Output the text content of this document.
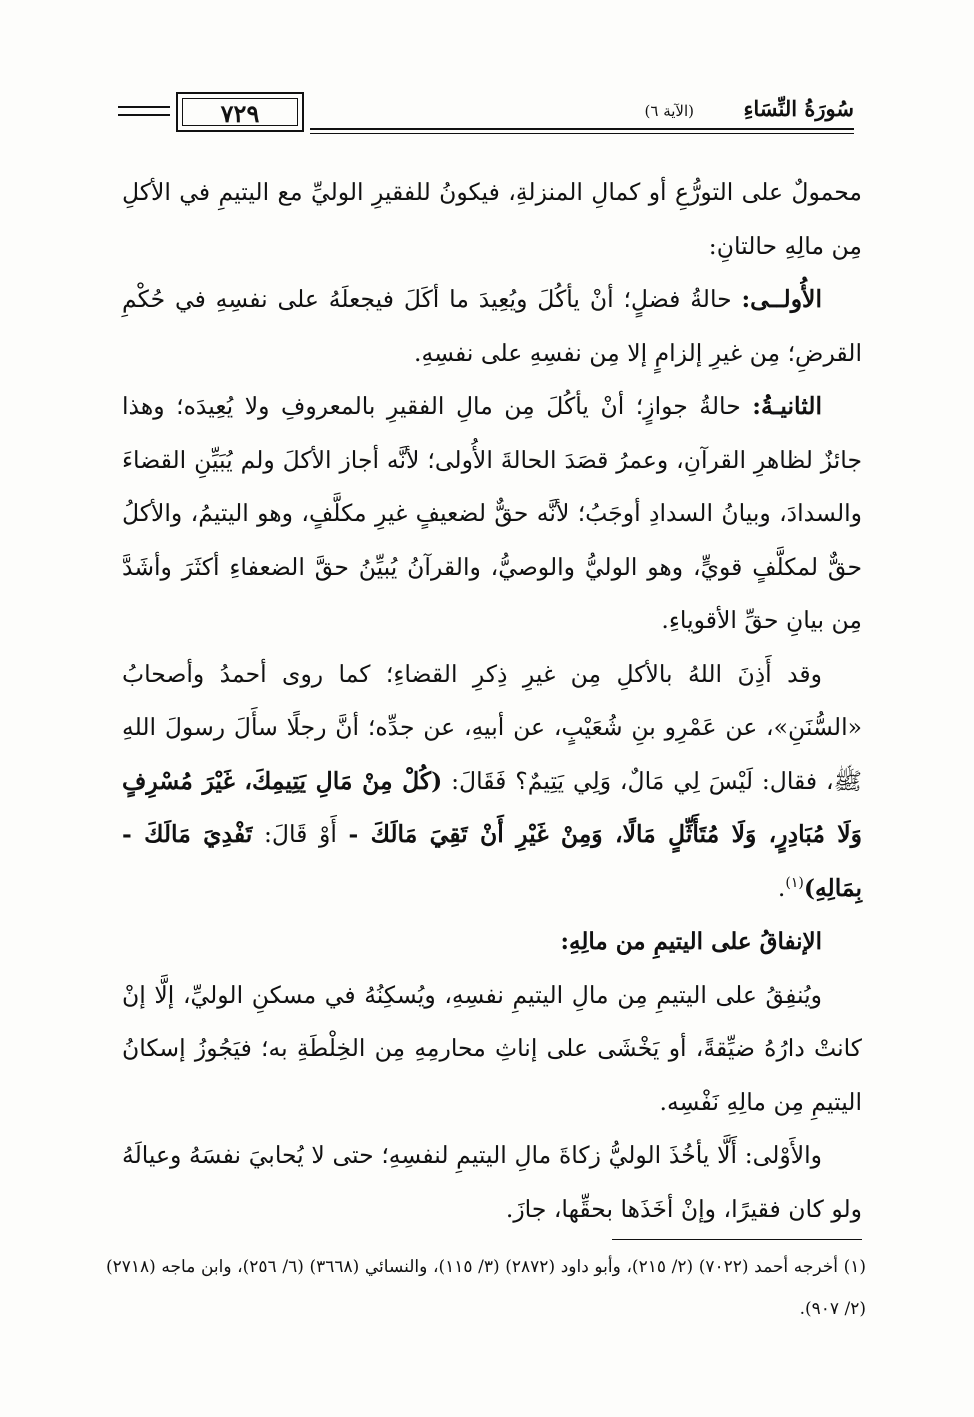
٧٢٩	سُورَةُ النِّسَاءِ
(الآية ٦)

محمولٌ على التورُّعِ أو كمالِ المنزلةِ، فيكونُ للفقيرِ الوليِّ مع اليتيمِ في الأكلِ مِن مالِهِ حالتانِ:

الأُولــى: حالةُ فضلٍ؛ أنْ يأكُلَ ويُعِيدَ ما أكَلَ فيجعلَهُ على نفسِهِ في حُكْمِ القرضِ؛ مِن غيرِ إلزامٍ إلا مِن نفسِهِ على نفسِهِ.

الثانيـةُ: حالةُ جوازٍ؛ أنْ يأكُلَ مِن مالِ الفقيرِ بالمعروفِ ولا يُعِيدَه؛ وهذا جائزٌ لظاهرِ القرآنِ، وعمرُ قصَدَ الحالةَ الأُولى؛ لأنَّه أجاز الأكلَ ولم يُبَيِّنِ القضاءَ والسدادَ، وبيانُ السدادِ أوجَبُ؛ لأنَّه حقٌّ لضعيفٍ غيرِ مكلَّفٍ، وهو اليتيمُ، والأكلُ حقٌّ لمكلَّفٍ قويٍّ، وهو الوليُّ والوصيُّ، والقرآنُ يُبيِّنُ حقَّ الضعفاءِ أكثَرَ وأشَدَّ مِن بيانِ حقِّ الأقوياءِ.

وقد أَذِنَ اللهُ بالأكلِ مِن غيرِ ذِكرِ القضاءِ؛ كما روى أحمدُ وأصحابُ «السُّنَنِ»، عن عَمْرِو بنِ شُعَيْبٍ، عن أبيهِ، عن جدِّه؛ أنَّ رجلًا سأَلَ رسولَ اللهِ ﷺ، فقال: لَيْسَ لِي مَالٌ، وَلِي يَتِيمٌ؟ فَقَالَ: (كُلْ مِنْ مَالِ يَتِيمِكَ، غَيْرَ مُسْرِفٍ وَلَا مُبَادِرٍ، وَلَا مُتَأَثِّلٍ مَالًا، وَمِنْ غَيْرِ أَنْ تَقِيَ مَالَكَ - أَوْ قَالَ: تَفْدِيَ مَالَكَ - بِمَالِهِ)$^{(١)}$.

الإنفاقُ على اليتيمِ من مالِهِ:

ويُنفِقُ على اليتيمِ مِن مالِ اليتيمِ نفسِهِ، ويُسكِنُهُ في مسكنِ الوليِّ، إلَّا إنْ كانتْ دارُهُ ضيِّقةً، أو يَخْشَى على إناثِ محارمِهِ مِن الخِلْطَةِ به؛ فيَجُوزُ إسكانُ اليتيمِ مِن مالِهِ نَفْسِه.

والأَوْلى: أَلَّا يأخُذَ الوليُّ زكاةَ مالِ اليتيمِ لنفسِهِ؛ حتى لا يُحابيَ نفسَهُ وعيالَهُ ولو كان فقيرًا، وإنْ أخَذَها بحقِّها، جازَ.

(١) أخرجه أحمد (٧٠٢٢) (٢/ ٢١٥)، وأبو داود (٢٨٧٢) (٣/ ١١٥)، والنسائي (٣٦٦٨) (٦/ ٢٥٦)، وابن ماجه (٢٧١٨) (٢/ ٩٠٧).
